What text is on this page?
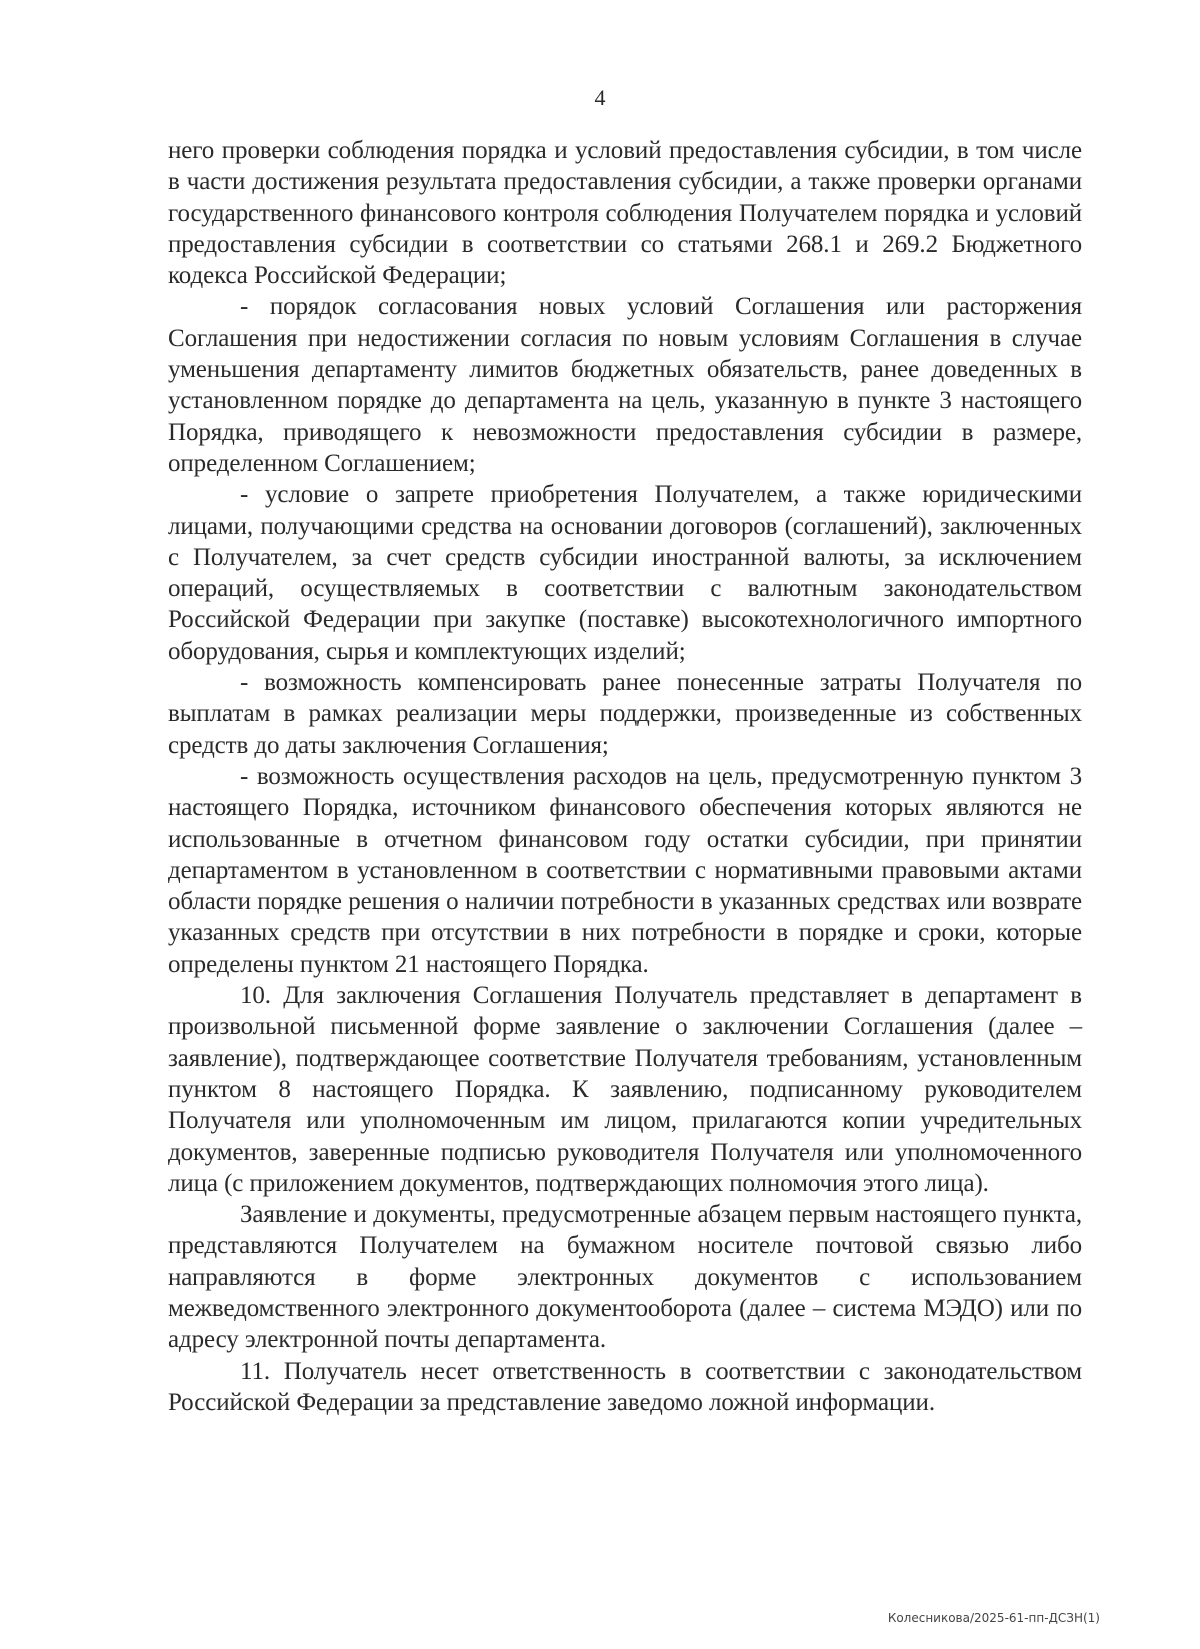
4

него проверки соблюдения порядка и условий предоставления субсидии, в том числе в части достижения результата предоставления субсидии, а также проверки органами государственного финансового контроля соблюдения Получателем порядка и условий предоставления субсидии в соответствии со статьями 268.1 и 269.2 Бюджетного кодекса Российской Федерации;

- порядок согласования новых условий Соглашения или расторжения Соглашения при недостижении согласия по новым условиям Соглашения в случае уменьшения департаменту лимитов бюджетных обязательств, ранее доведенных в установленном порядке до департамента на цель, указанную в пункте 3 настоящего Порядка, приводящего к невозможности предоставления субсидии в размере, определенном Соглашением;

- условие о запрете приобретения Получателем, а также юридическими лицами, получающими средства на основании договоров (соглашений), заключенных с Получателем, за счет средств субсидии иностранной валюты, за исключением операций, осуществляемых в соответствии с валютным законодательством Российской Федерации при закупке (поставке) высокотехнологичного импортного оборудования, сырья и комплектующих изделий;

- возможность компенсировать ранее понесенные затраты Получателя по выплатам в рамках реализации меры поддержки, произведенные из собственных средств до даты заключения Соглашения;

- возможность осуществления расходов на цель, предусмотренную пунктом 3 настоящего Порядка, источником финансового обеспечения которых являются не использованные в отчетном финансовом году остатки субсидии, при принятии департаментом в установленном в соответствии с нормативными правовыми актами области порядке решения о наличии потребности в указанных средствах или возврате указанных средств при отсутствии в них потребности в порядке и сроки, которые определены пунктом 21 настоящего Порядка.

10. Для заключения Соглашения Получатель представляет в департамент в произвольной письменной форме заявление о заключении Соглашения (далее – заявление), подтверждающее соответствие Получателя требованиям, установленным пунктом 8 настоящего Порядка. К заявлению, подписанному руководителем Получателя или уполномоченным им лицом, прилагаются копии учредительных документов, заверенные подписью руководителя Получателя или уполномоченного лица (с приложением документов, подтверждающих полномочия этого лица).

Заявление и документы, предусмотренные абзацем первым настоящего пункта, представляются Получателем на бумажном носителе почтовой связью либо направляются в форме электронных документов с использованием межведомственного электронного документооборота (далее – система МЭДО) или по адресу электронной почты департамента.

11. Получатель несет ответственность в соответствии с законодательством Российской Федерации за представление заведомо ложной информации.

Колесникова/2025-61-пп-ДСЗН(1)
